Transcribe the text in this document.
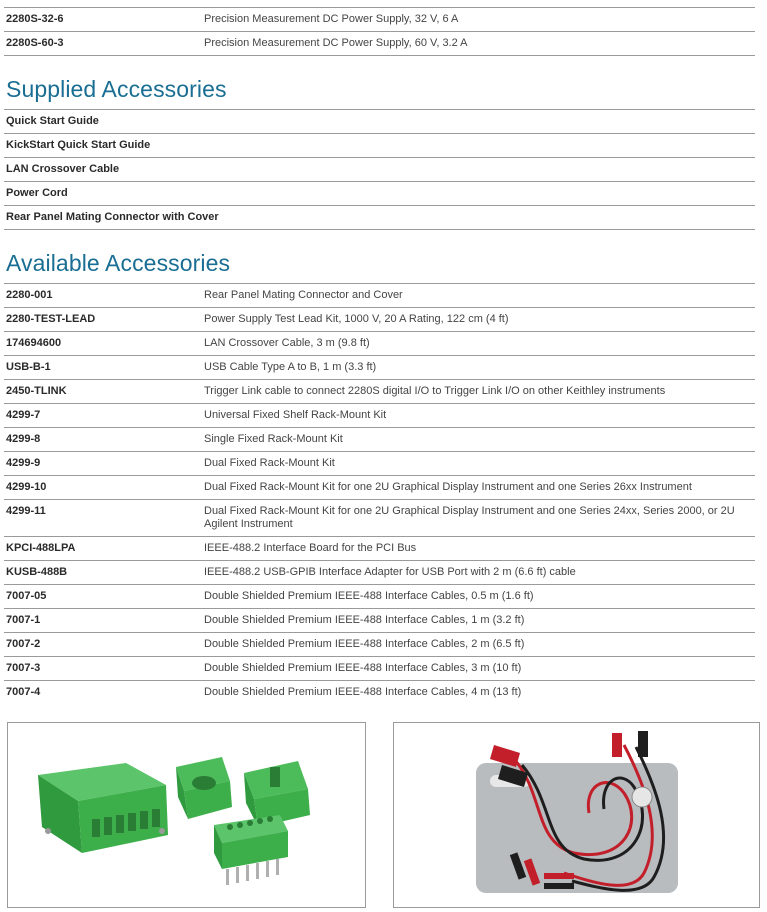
2280S-32-6	Precision Measurement DC Power Supply, 32 V, 6 A
2280S-60-3	Precision Measurement DC Power Supply, 60 V, 3.2 A
Supplied Accessories
Quick Start Guide
KickStart Quick Start Guide
LAN Crossover Cable
Power Cord
Rear Panel Mating Connector with Cover
Available Accessories
2280-001	Rear Panel Mating Connector and Cover
2280-TEST-LEAD	Power Supply Test Lead Kit, 1000 V, 20 A Rating, 122 cm (4 ft)
174694600	LAN Crossover Cable, 3 m (9.8 ft)
USB-B-1	USB Cable Type A to B, 1 m (3.3 ft)
2450-TLINK	Trigger Link cable to connect 2280S digital I/O to Trigger Link I/O on other Keithley instruments
4299-7	Universal Fixed Shelf Rack-Mount Kit
4299-8	Single Fixed Rack-Mount Kit
4299-9	Dual Fixed Rack-Mount Kit
4299-10	Dual Fixed Rack-Mount Kit for one 2U Graphical Display Instrument and one Series 26xx Instrument
4299-11	Dual Fixed Rack-Mount Kit for one 2U Graphical Display Instrument and one Series 24xx, Series 2000, or 2U Agilent Instrument
KPCI-488LPA	IEEE-488.2 Interface Board for the PCI Bus
KUSB-488B	IEEE-488.2 USB-GPIB Interface Adapter for USB Port with 2 m (6.6 ft) cable
7007-05	Double Shielded Premium IEEE-488 Interface Cables, 0.5 m (1.6 ft)
7007-1	Double Shielded Premium IEEE-488 Interface Cables, 1 m (3.2 ft)
7007-2	Double Shielded Premium IEEE-488 Interface Cables, 2 m (6.5 ft)
7007-3	Double Shielded Premium IEEE-488 Interface Cables, 3 m (10 ft)
7007-4	Double Shielded Premium IEEE-488 Interface Cables, 4 m (13 ft)
